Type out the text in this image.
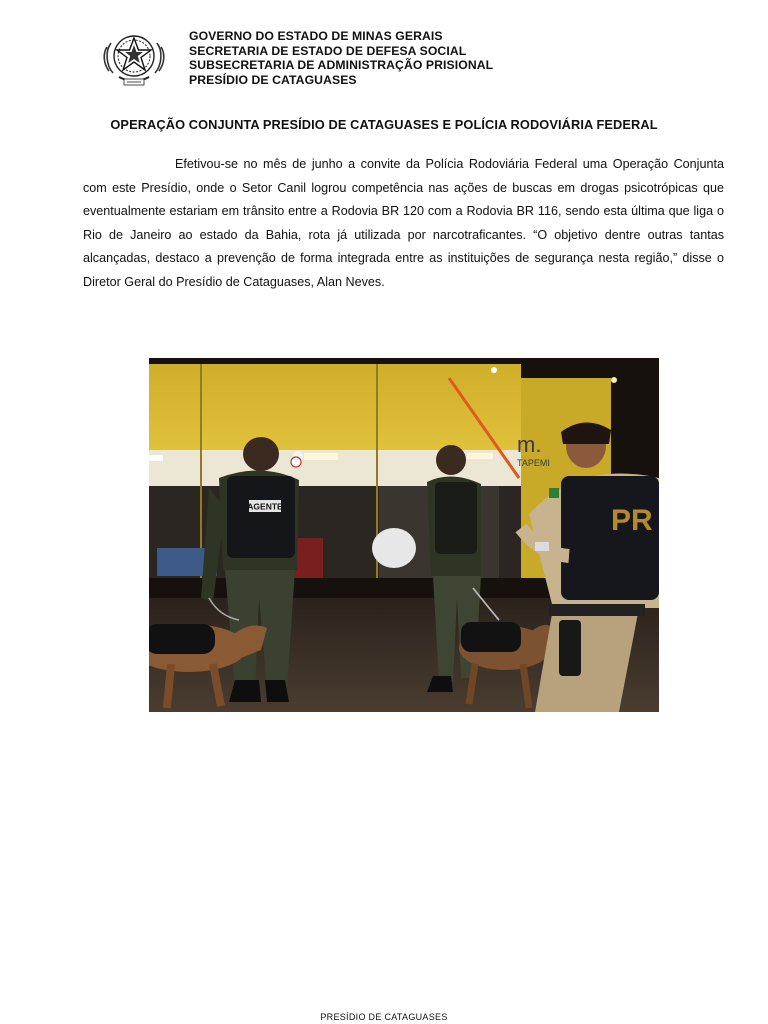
GOVERNO DO ESTADO DE MINAS GERAIS
SECRETARIA DE ESTADO DE DEFESA SOCIAL
SUBSECRETARIA DE ADMINISTRAÇÃO PRISIONAL
PRESÍDIO DE CATAGUASES
OPERAÇÃO CONJUNTA PRESÍDIO DE CATAGUASES E POLÍCIA RODOVIÁRIA FEDERAL

Efetivou-se no mês de junho a convite da Polícia Rodoviária Federal uma Operação Conjunta com este Presídio, onde o Setor Canil logrou competência nas ações de buscas em drogas psicotrópicas que eventualmente estariam em trânsito entre a Rodovia BR 120 com a Rodovia BR 116, sendo esta última que liga o Rio de Janeiro ao estado da Bahia, rota já utilizada por narcotraficantes. “O objetivo dentre outras tantas alcançadas, destaco a prevenção de forma integrada entre as instituições de segurança nesta região,” disse o Diretor Geral do Presídio de Cataguases, Alan Neves.

m.
TAPEMI
AGENTE	PR
PRESÍDIO DE CATAGUASES
